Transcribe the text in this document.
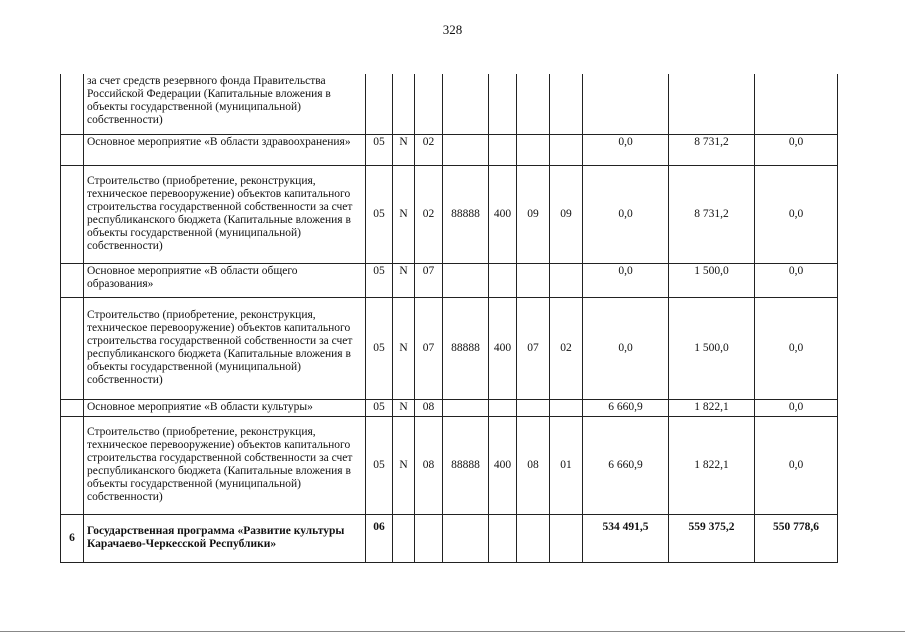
328
	за счет средств резервного фонда Правительства Российской Федерации (Капитальные вложения в объекты государственной (муниципальной) собственности)										
	Основное мероприятие «В области здравоохранения»	05	N	02					0,0	8 731,2	0,0
	Строительство (приобретение, реконструкция, техническое перевооружение) объектов капитального строительства государственной собственности за счет республиканского бюджета (Капитальные вложения в объекты государственной (муниципальной) собственности)	05	N	02	88888	400	09	09	0,0	8 731,2	0,0
	Основное мероприятие «В области общего образования»	05	N	07					0,0	1 500,0	0,0
	Строительство (приобретение, реконструкция, техническое перевооружение) объектов капитального строительства государственной собственности за счет республиканского бюджета (Капитальные вложения в объекты государственной (муниципальной) собственности)	05	N	07	88888	400	07	02	0,0	1 500,0	0,0
	Основное мероприятие «В области культуры»	05	N	08					6 660,9	1 822,1	0,0
	Строительство (приобретение, реконструкция, техническое перевооружение) объектов капитального строительства государственной собственности за счет республиканского бюджета (Капитальные вложения в объекты государственной (муниципальной) собственности)	05	N	08	88888	400	08	01	6 660,9	1 822,1	0,0
6	Государственная программа «Развитие культуры Карачаево-Черкесской Республики»	06							534 491,5	559 375,2	550 778,6
